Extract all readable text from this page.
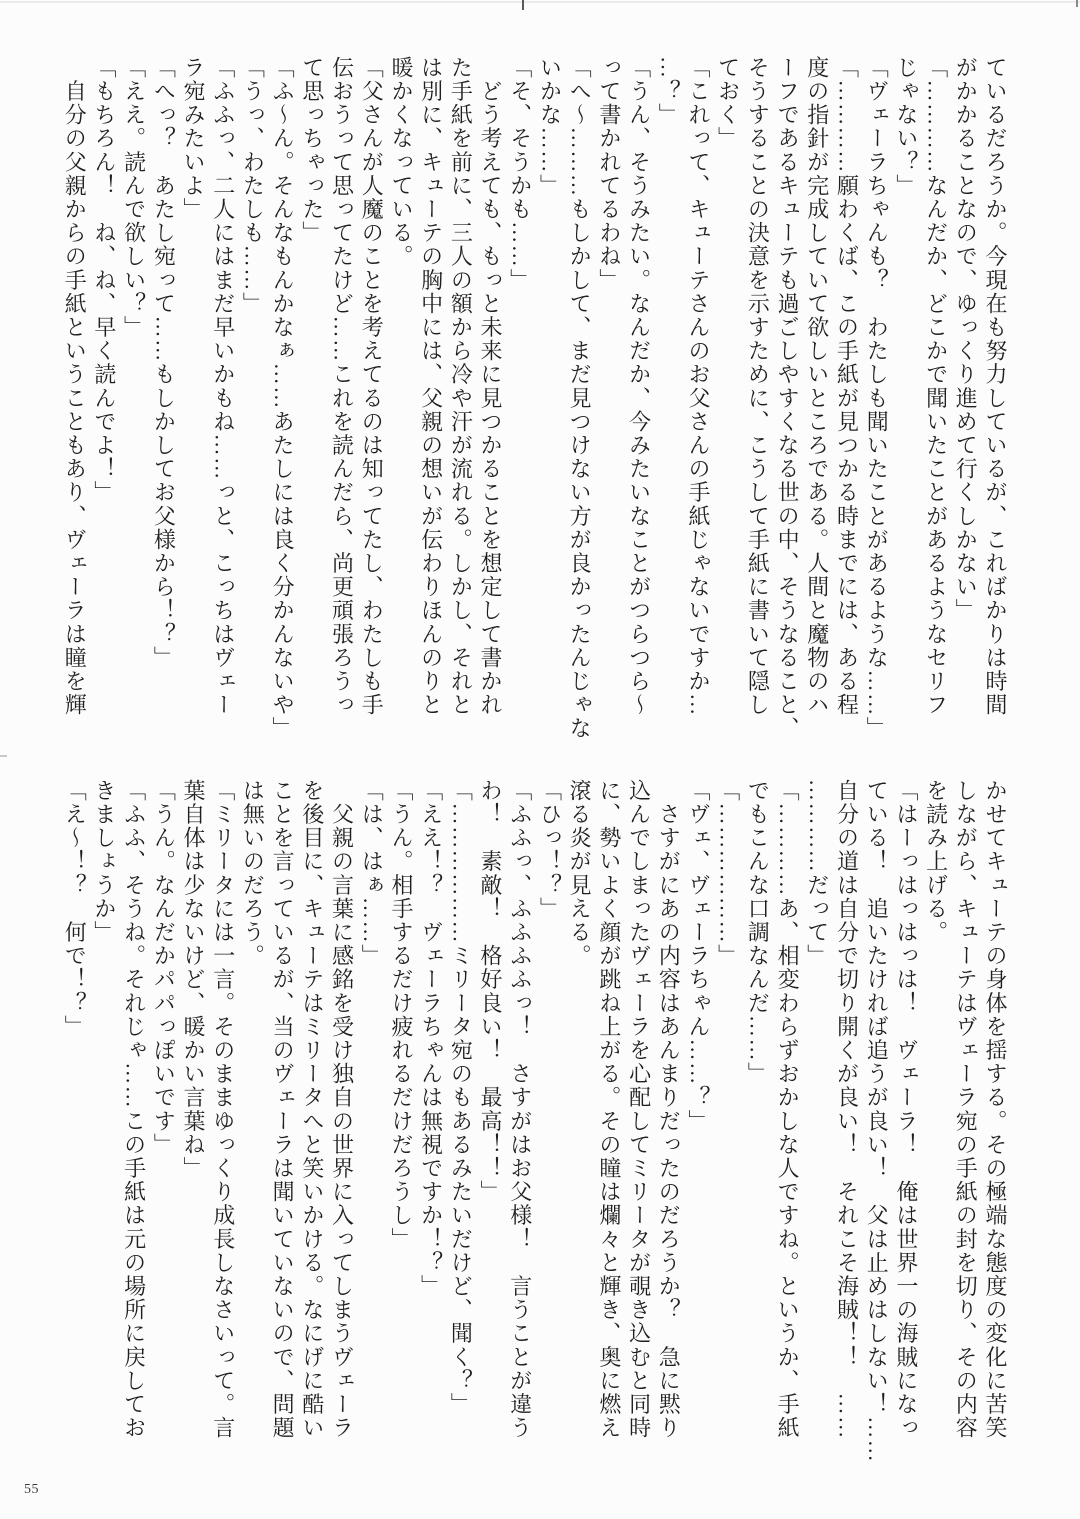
ているだろうか。今現在も努力しているが、こればかりは時間
がかかることなので、ゆっくり進めて行くしかない」
「…………なんだか、どこかで聞いたことがあるようなセリフ
じゃない？」
「ヴェーラちゃんも？　わたしも聞いたことがあるような……」
「…………願わくば、この手紙が見つかる時までには、ある程
度の指針が完成していて欲しいところである。人間と魔物のハ
ーフであるキューテも過ごしやすくなる世の中、そうなること、
そうすることの決意を示すために、こうして手紙に書いて隠し
ておく」
「これって、キューテさんのお父さんの手紙じゃないですか…
…？」
「うん、そうみたい。なんだか、今みたいなことがつらつら〜
って書かれてるわね」
「へ〜………もしかして、まだ見つけない方が良かったんじゃな
いかな……」
「そ、そうかも……」
　どう考えても、もっと未来に見つかることを想定して書かれ
た手紙を前に、三人の額から冷や汗が流れる。しかし、それと
は別に、キューテの胸中には、父親の想いが伝わりほんのりと
暖かくなっている。
「父さんが人魔のことを考えてるのは知ってたし、わたしも手
伝おうって思ってたけど……これを読んだら、尚更頑張ろうっ
て思っちゃった」
「ふ〜ん。そんなもんかなぁ……あたしには良く分かんないや」
「うっ、わたしも……」
「ふふっ、二人にはまだ早いかもね……っと、こっちはヴェー
ラ宛みたいよ」
「へっ？　あたし宛って……もしかしてお父様から！？」
「ええ。読んで欲しい？」
「もちろん！　ね、ね、早く読んでよ！」
　自分の父親からの手紙ということもあり、ヴェーラは瞳を輝
かせてキューテの身体を揺する。その極端な態度の変化に苦笑
しながら、キューテはヴェーラ宛の手紙の封を切り、その内容
を読み上げる。
「はーっはっはっは！　ヴェーラ！　俺は世界一の海賊になっ
ている！　追いたければ追うが良い！　父は止めはしない！……
自分の道は自分で切り開くが良い！　それこそ海賊！！　……
…………だって」
「…………あ、相変わらずおかしな人ですね。というか、手紙
でもこんな口調なんだ……」
「………………」
「ヴェ、ヴェーラちゃん……？」
　さすがにあの内容はあんまりだったのだろうか？　急に黙り
込んでしまったヴェーラを心配してミリータが覗き込むと同時
に、勢いよく顔が跳ね上がる。その瞳は爛々と輝き、奥に燃え
滾る炎が見える。
「ひっ！？」
「ふふっ、ふふふふっ！　さすがはお父様！　言うことが違う
わ！　素敵！　格好良い！　最高！！」
「………………ミリータ宛のもあるみたいだけど、聞く？」
「ええ！？　ヴェーラちゃんは無視ですか！？」
「うん。相手するだけ疲れるだけだろうし」
「は、はぁ……」
　父親の言葉に感銘を受け独自の世界に入ってしまうヴェーラ
を後目に、キューテはミリータへと笑いかける。なにげに酷い
ことを言っているが、当のヴェーラは聞いていないので、問題
は無いのだろう。
「ミリータには一言。そのままゆっくり成長しなさいって。言
葉自体は少ないけど、暖かい言葉ね」
「うん。なんだかパパっぽいです」
「ふふ、そうね。それじゃ……この手紙は元の場所に戻してお
きましょうか」
「え〜！？　何で！？」
55
